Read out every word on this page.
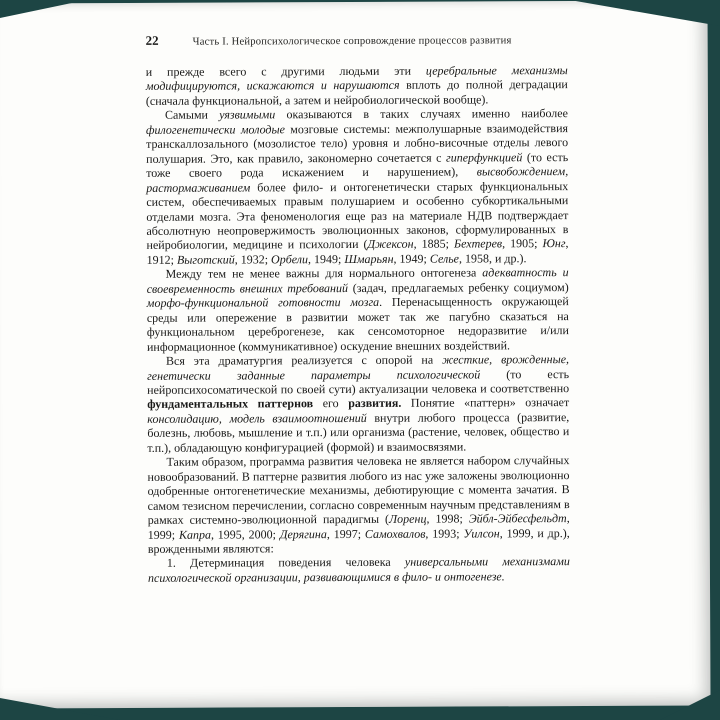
22	Часть I. Нейропсихологическое сопровождение процессов развития

и прежде всего с другими людьми эти церебральные механизмы модифицируются, искажаются и нарушаются вплоть до полной деградации (сначала функциональной, а затем и нейробиологической вообще).

Самыми уязвимыми оказываются в таких случаях именно наиболее филогенетически молодые мозговые системы: межполушарные взаимодействия транскаллозального (мозолистое тело) уровня и лобно-височные отделы левого полушария. Это, как правило, закономерно сочетается с гиперфункцией (то есть тоже своего рода искажением и нарушением), высвобождением, растормаживанием более фило- и онтогенетически старых функциональных систем, обеспечиваемых правым полушарием и особенно субкортикальными отделами мозга. Эта феноменология еще раз на материале НДВ подтверждает абсолютную неопровержимость эволюционных законов, сформулированных в нейробиологии, медицине и психологии (Джексон, 1885; Бехтерев, 1905; Юнг, 1912; Выготский, 1932; Орбели, 1949; Шмарьян, 1949; Селье, 1958, и др.).

Между тем не менее важны для нормального онтогенеза адекватность и своевременность внешних требований (задач, предлагаемых ребенку социумом) морфо-функциональной готовности мозга. Перенасыщенность окружающей среды или опережение в развитии может так же пагубно сказаться на функциональном цереброгенезе, как сенсомоторное недоразвитие и/или информационное (коммуникативное) оскудение внешних воздействий.

Вся эта драматургия реализуется с опорой на жесткие, врожденные, генетически заданные параметры психологической (то есть нейропсихосоматической по своей сути) актуализации человека и соответственно фундаментальных паттернов его развития. Понятие «паттерн» означает консолидацию, модель взаимоотношений внутри любого процесса (развитие, болезнь, любовь, мышление и т.п.) или организма (растение, человек, общество и т.п.), обладающую конфигурацией (формой) и взаимосвязями.

Таким образом, программа развития человека не является набором случайных новообразований. В паттерне развития любого из нас уже заложены эволюционно одобренные онтогенетические механизмы, дебютирующие с момента зачатия. В самом тезисном перечислении, согласно современным научным представлениям в рамках системно-эволюционной парадигмы (Лоренц, 1998; Эйбл-Эйбесфельдт, 1999; Капра, 1995, 2000; Дерягина, 1997; Самохвалов, 1993; Уилсон, 1999, и др.), врожденными являются:

1. Детерминация поведения человека универсальными механизмами психологической организации, развивающимися в фило- и онтогенезе.
